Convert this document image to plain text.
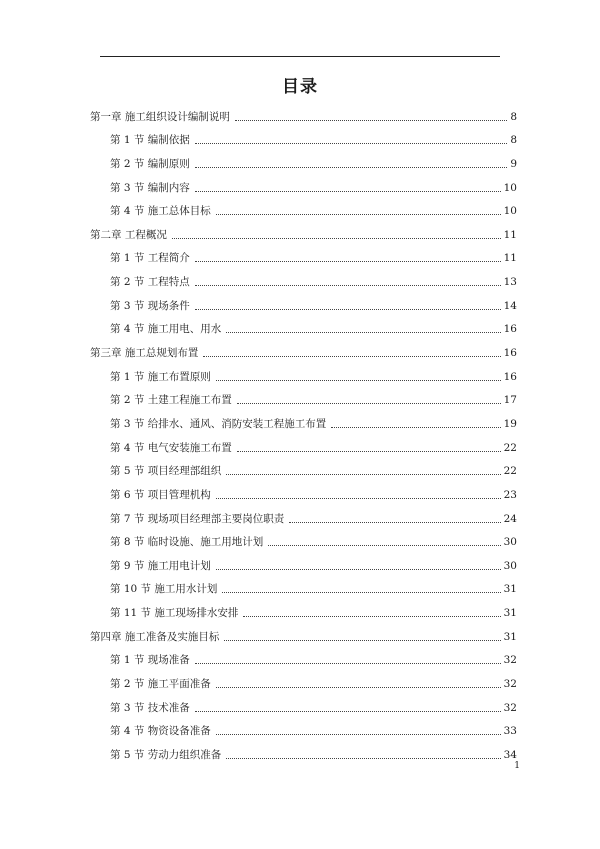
目录
第一章 施工组织设计编制说明	8
第 1 节 编制依据	8
第 2 节 编制原则	9
第 3 节 编制内容	10
第 4 节 施工总体目标	10
第二章 工程概况	11
第 1 节 工程简介	11
第 2 节 工程特点	13
第 3 节 现场条件	14
第 4 节 施工用电、用水	16
第三章 施工总规划布置	16
第 1 节 施工布置原则	16
第 2 节 土建工程施工布置	17
第 3 节 给排水、通风、消防安装工程施工布置	19
第 4 节 电气安装施工布置	22
第 5 节 项目经理部组织	22
第 6 节 项目管理机构	23
第 7 节 现场项目经理部主要岗位职责	24
第 8 节 临时设施、施工用地计划	30
第 9 节 施工用电计划	30
第 10 节 施工用水计划	31
第 11 节 施工现场排水安排	31
第四章 施工准备及实施目标	31
第 1 节 现场准备	32
第 2 节 施工平面准备	32
第 3 节 技术准备	32
第 4 节 物资设备准备	33
第 5 节 劳动力组织准备	34
1
